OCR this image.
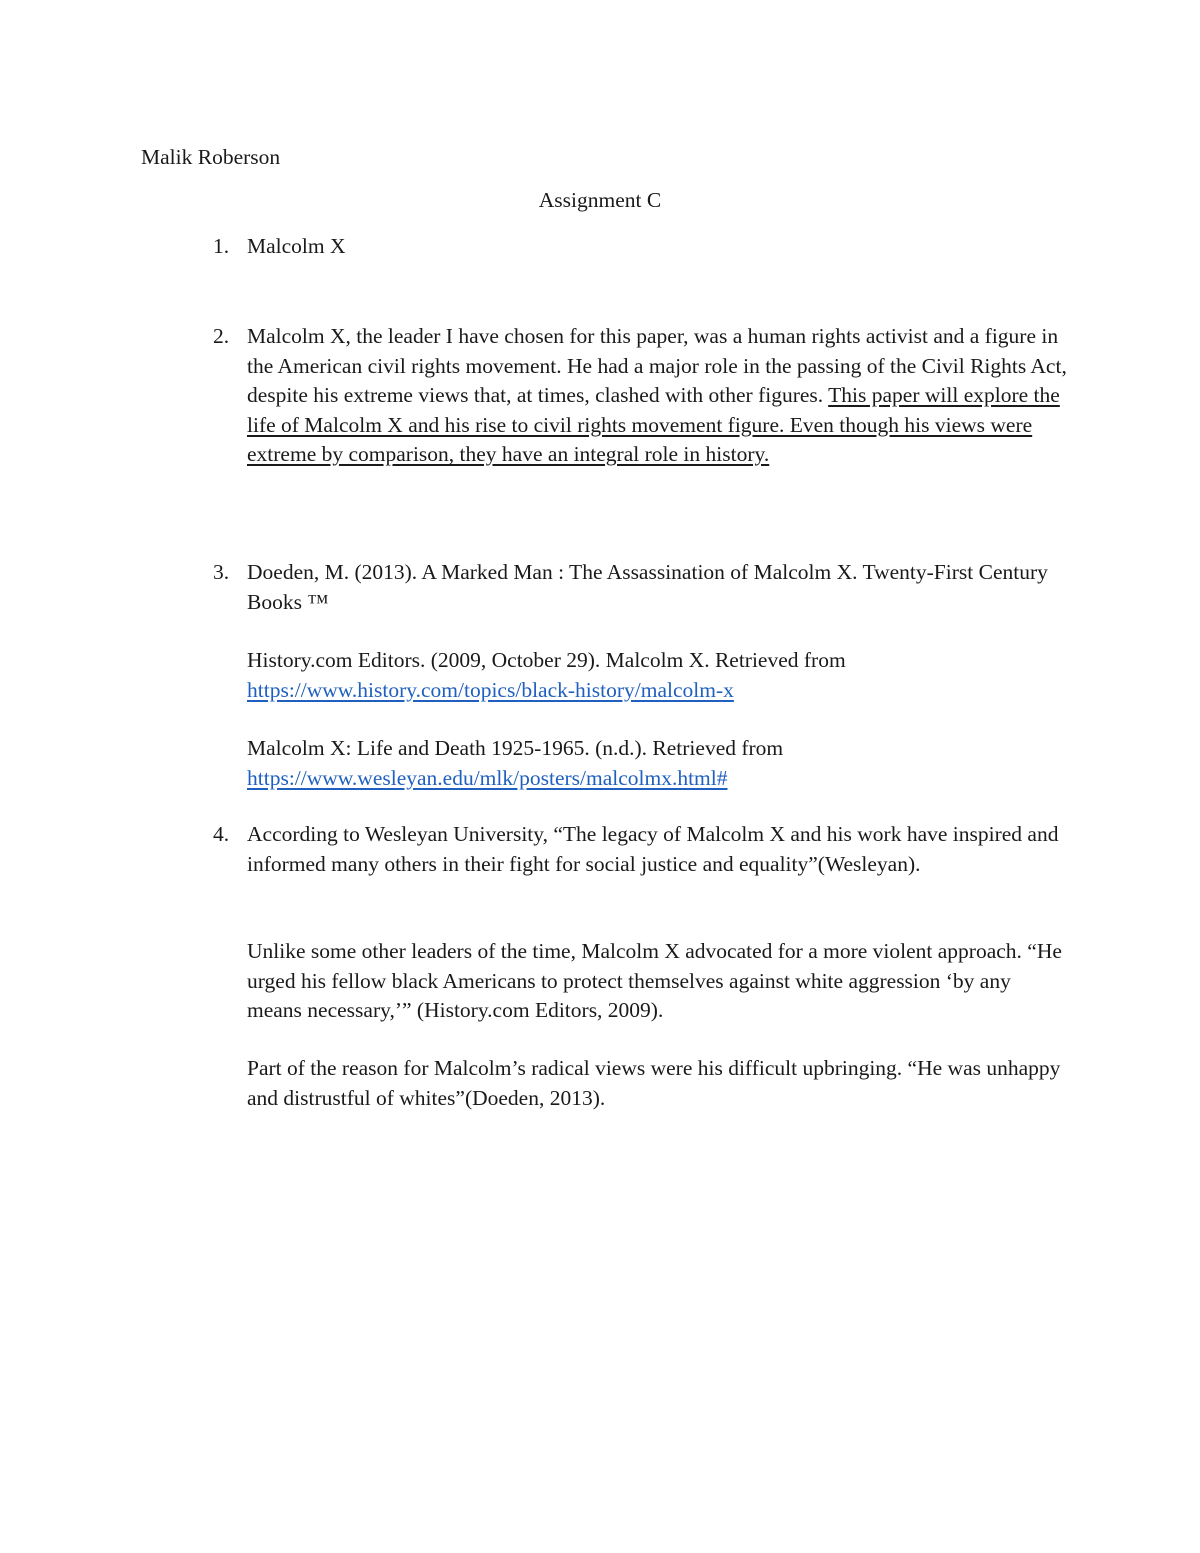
Malik Roberson
Assignment C
1. Malcolm X
2. Malcolm X, the leader I have chosen for this paper, was a human rights activist and a figure in the American civil rights movement. He had a major role in the passing of the Civil Rights Act, despite his extreme views that, at times, clashed with other figures. This paper will explore the life of Malcolm X and his rise to civil rights movement figure. Even though his views were extreme by comparison, they have an integral role in history.
3. Doeden, M. (2013). A Marked Man : The Assassination of Malcolm X. Twenty-First Century Books ™

History.com Editors. (2009, October 29). Malcolm X. Retrieved from

https://www.history.com/topics/black-history/malcolm-x

Malcolm X: Life and Death 1925-1965. (n.d.). Retrieved from

https://www.wesleyan.edu/mlk/posters/malcolmx.html#
4. According to Wesleyan University, “The legacy of Malcolm X and his work have inspired and informed many others in their fight for social justice and equality”(Wesleyan).
Unlike some other leaders of the time, Malcolm X advocated for a more violent approach. “He urged his fellow black Americans to protect themselves against white aggression ‘by any means necessary,’” (History.com Editors, 2009).
Part of the reason for Malcolm’s radical views were his difficult upbringing. “He was unhappy and distrustful of whites”(Doeden, 2013).
